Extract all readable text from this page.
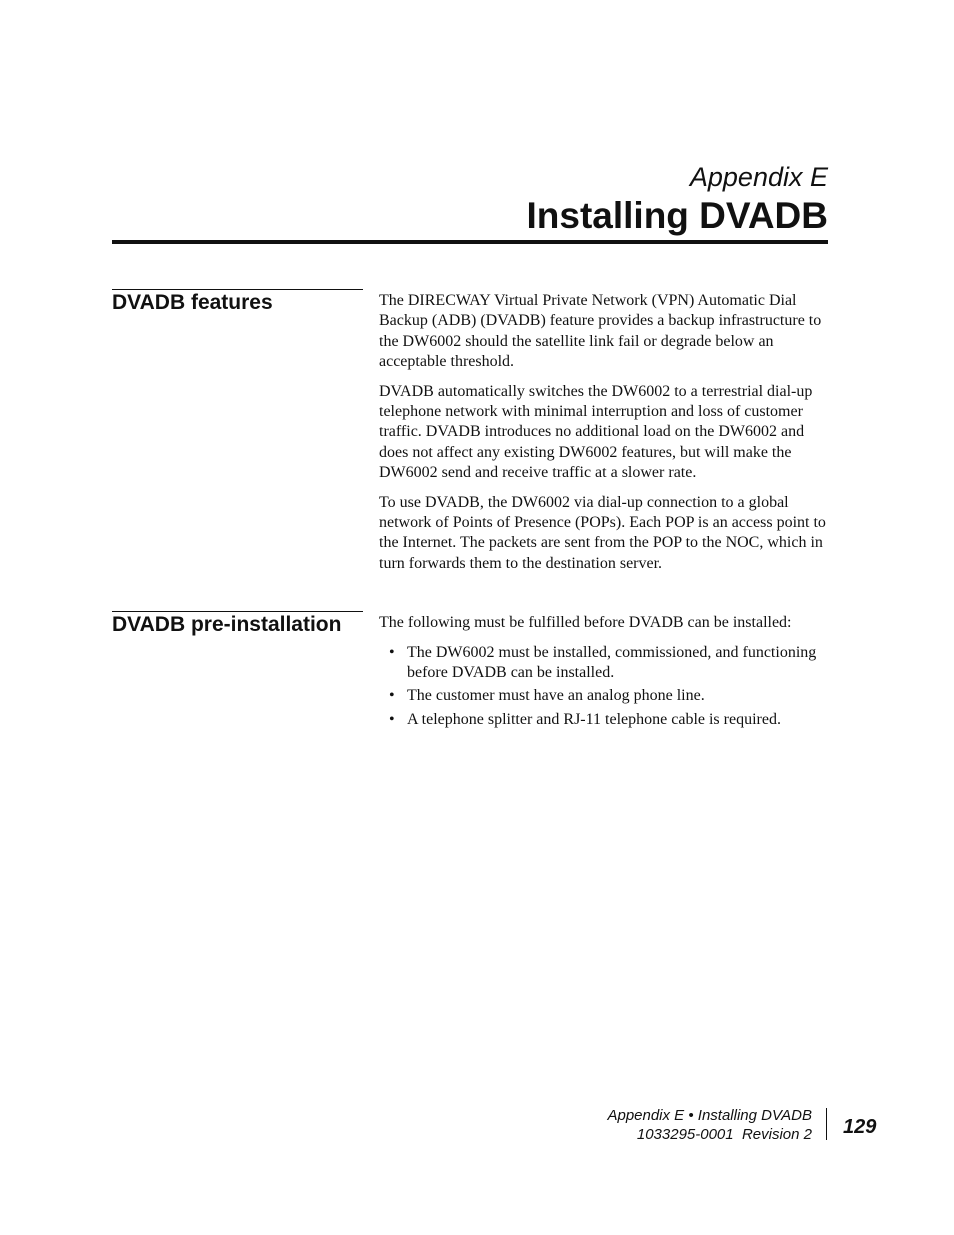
Appendix E
Installing DVADB
DVADB features	The DIRECWAY Virtual Private Network (VPN) Automatic Dial Backup (ADB) (DVADB) feature provides a backup infrastructure to the DW6002 should the satellite link fail or degrade below an acceptable threshold.

DVADB automatically switches the DW6002 to a terrestrial dial-up telephone network with minimal interruption and loss of customer traffic. DVADB introduces no additional load on the DW6002 and does not affect any existing DW6002 features, but will make the DW6002 send and receive traffic at a slower rate.

To use DVADB, the DW6002 via dial-up connection to a global network of Points of Presence (POPs). Each POP is an access point to the Internet. The packets are sent from the POP to the NOC, which in turn forwards them to the destination server.

DVADB pre-installation The following must be fulfilled before DVADB can be installed:

• The DW6002 must be installed, commissioned, and functioning before DVADB can be installed.
• The customer must have an analog phone line.
• A telephone splitter and RJ-11 telephone cable is required.
Appendix E • Installing DVADB
1033295-0001  Revision 2 129
